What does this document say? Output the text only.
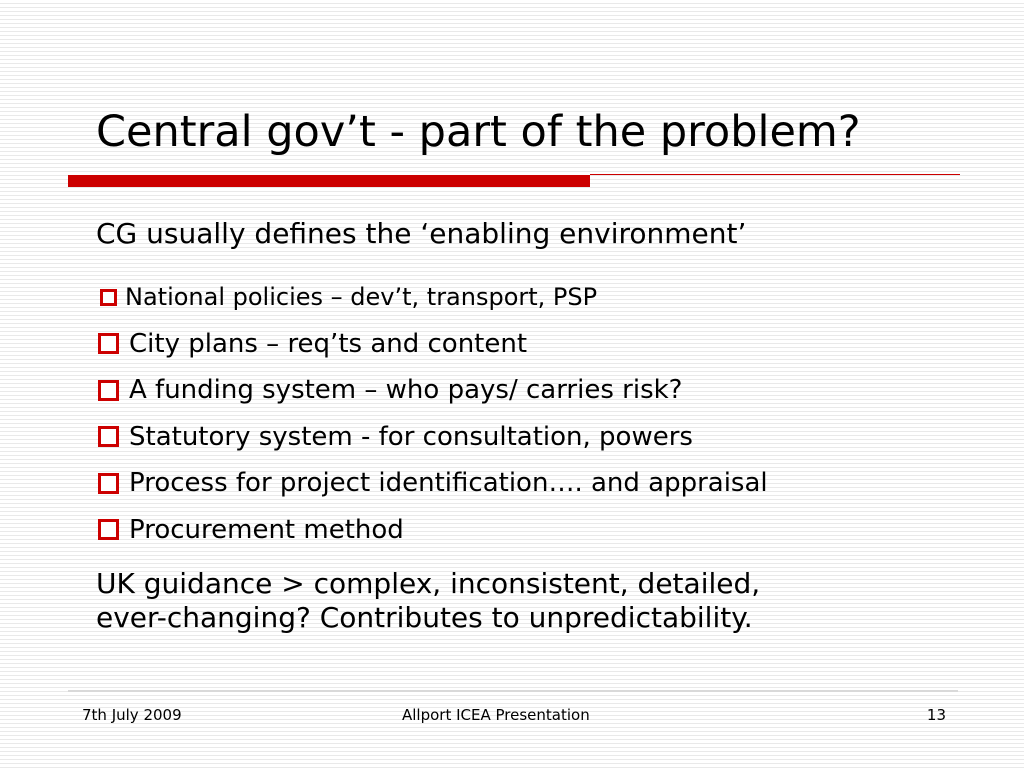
Central gov’t - part of the problem?
CG usually defines the ‘enabling environment’
National policies – dev’t, transport, PSP
City plans – req’ts and content
A funding system – who pays/ carries risk?
Statutory system - for consultation, powers
Process for project identification…. and appraisal
Procurement method

UK guidance > complex, inconsistent, detailed,
ever-changing? Contributes to unpredictability.

7th July 2009	Allport ICEA Presentation	13
